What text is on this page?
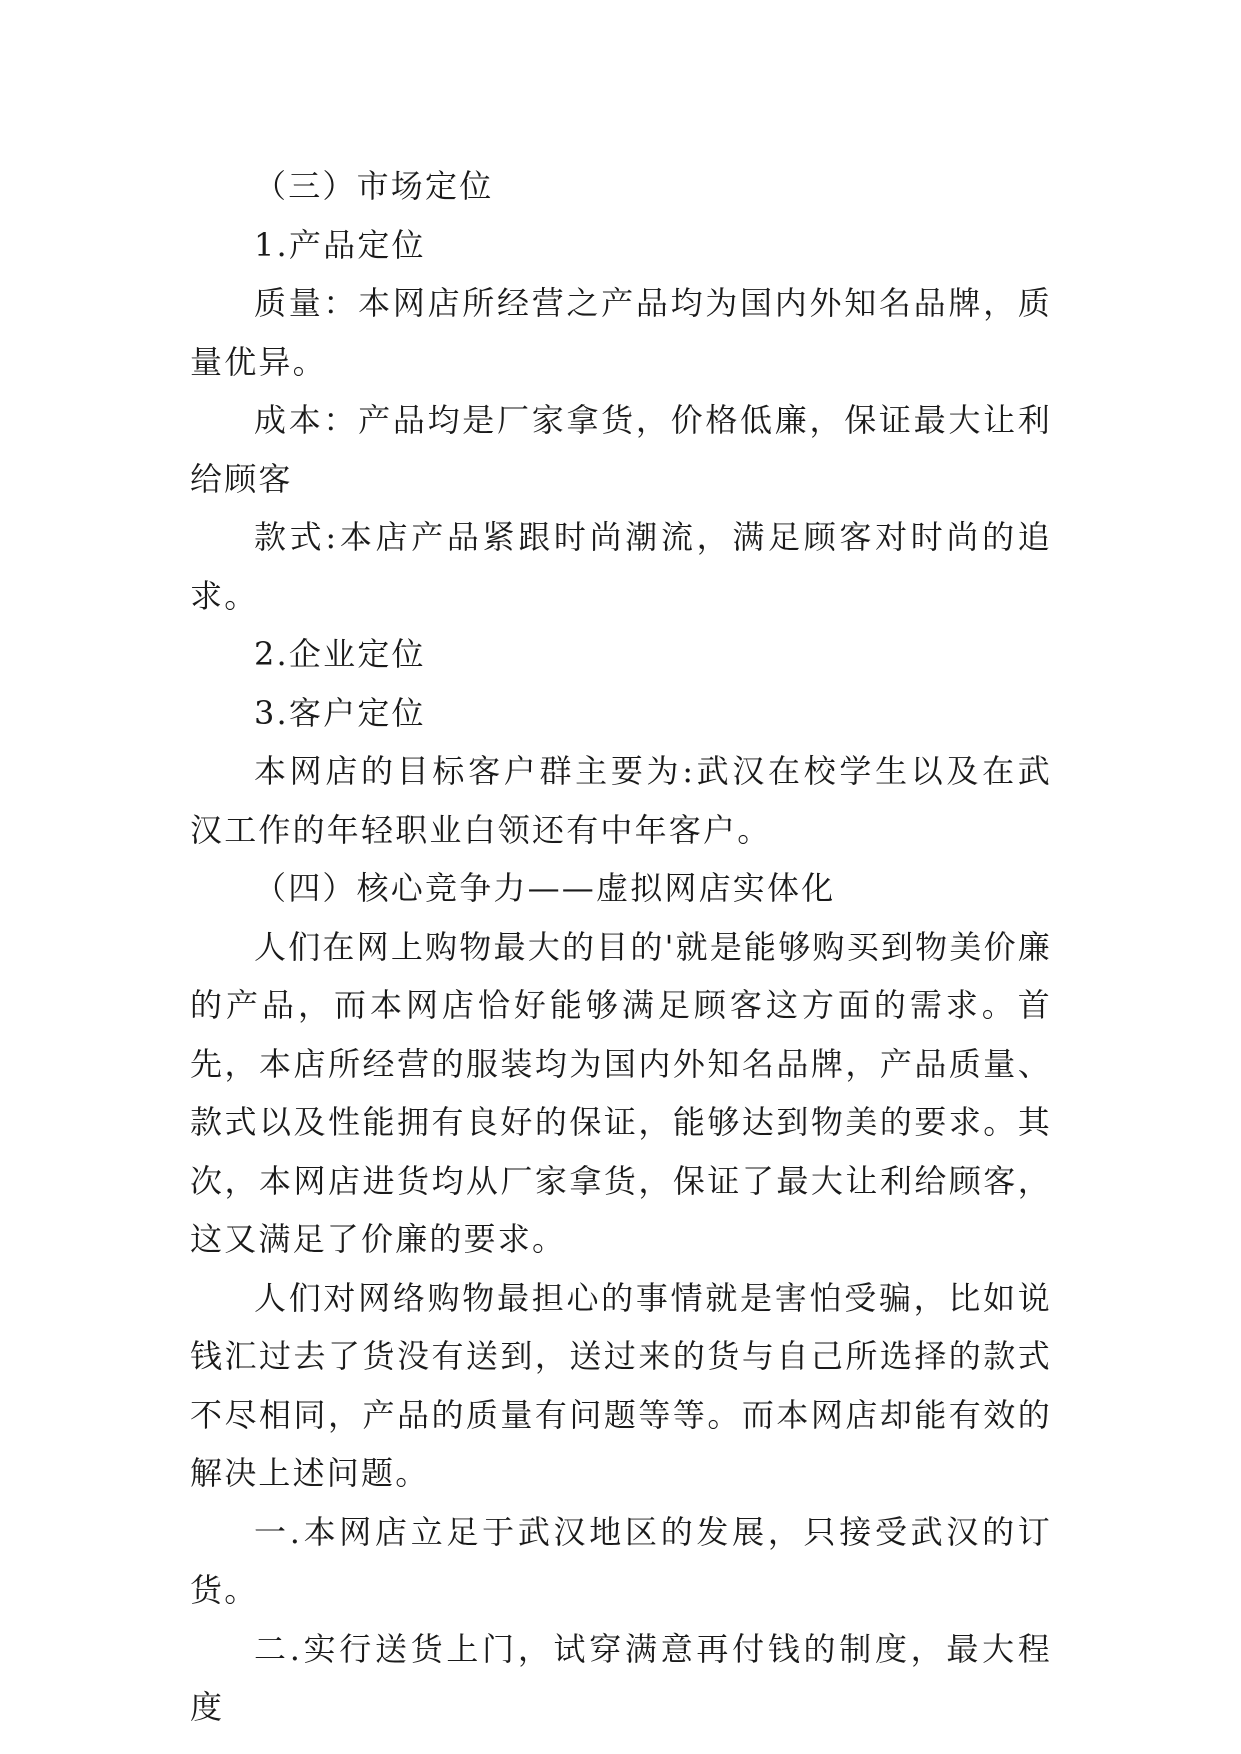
（三）市场定位

1.产品定位

质量：本网店所经营之产品均为国内外知名品牌，质量优异。

成本：产品均是厂家拿货，价格低廉，保证最大让利给顾客

款式:本店产品紧跟时尚潮流，满足顾客对时尚的追求。

2.企业定位

3.客户定位

本网店的目标客户群主要为:武汉在校学生以及在武汉工作的年轻职业白领还有中年客户。

（四）核心竞争力——虚拟网店实体化

人们在网上购物最大的目的'就是能够购买到物美价廉的产品，而本网店恰好能够满足顾客这方面的需求。首先，本店所经营的服装均为国内外知名品牌，产品质量、款式以及性能拥有良好的保证，能够达到物美的要求。其次，本网店进货均从厂家拿货，保证了最大让利给顾客，这又满足了价廉的要求。

人们对网络购物最担心的事情就是害怕受骗，比如说钱汇过去了货没有送到，送过来的货与自己所选择的款式不尽相同，产品的质量有问题等等。而本网店却能有效的解决上述问题。

一.本网店立足于武汉地区的发展，只接受武汉的订货。

二.实行送货上门，试穿满意再付钱的制度，最大程度
